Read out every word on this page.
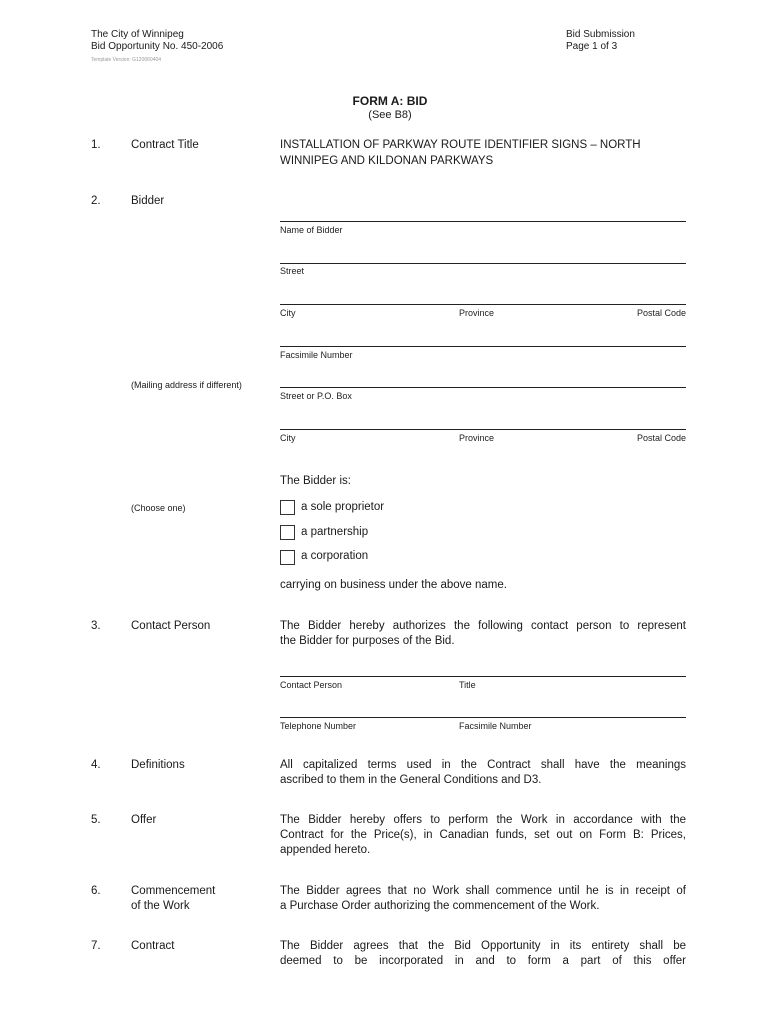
The City of Winnipeg
Bid Opportunity No. 450-2006
Template Version: G120060404
Bid Submission
Page 1 of 3
FORM A: BID
(See B8)
1.	Contract Title	INSTALLATION OF PARKWAY ROUTE IDENTIFIER SIGNS – NORTH
WINNIPEG AND KILDONAN PARKWAYS
2.	Bidder
Name of Bidder
Street
City	Province	Postal Code
Facsimile Number
(Mailing address if different)
Street or P.O. Box
City	Province	Postal Code
The Bidder is:
(Choose one)	a sole proprietor
a partnership
a corporation
carrying on business under the above name.
3.	Contact Person	The Bidder hereby authorizes the following contact person to represent
the Bidder for purposes of the Bid.
Contact Person	Title
Telephone Number	Facsimile Number
4.	Definitions	All capitalized terms used in the Contract shall have the meanings
ascribed to them in the General Conditions and D3.
5.	Offer	The Bidder hereby offers to perform the Work in accordance with the
Contract for the Price(s), in Canadian funds, set out on Form B: Prices,
appended hereto.
6.	Commencement
of the Work
The Bidder agrees that no Work shall commence until he is in receipt of
a Purchase Order authorizing the commencement of the Work.
7.	Contract	The Bidder agrees that the Bid Opportunity in its entirety shall be
deemed to be incorporated in and to form a part of this offer
